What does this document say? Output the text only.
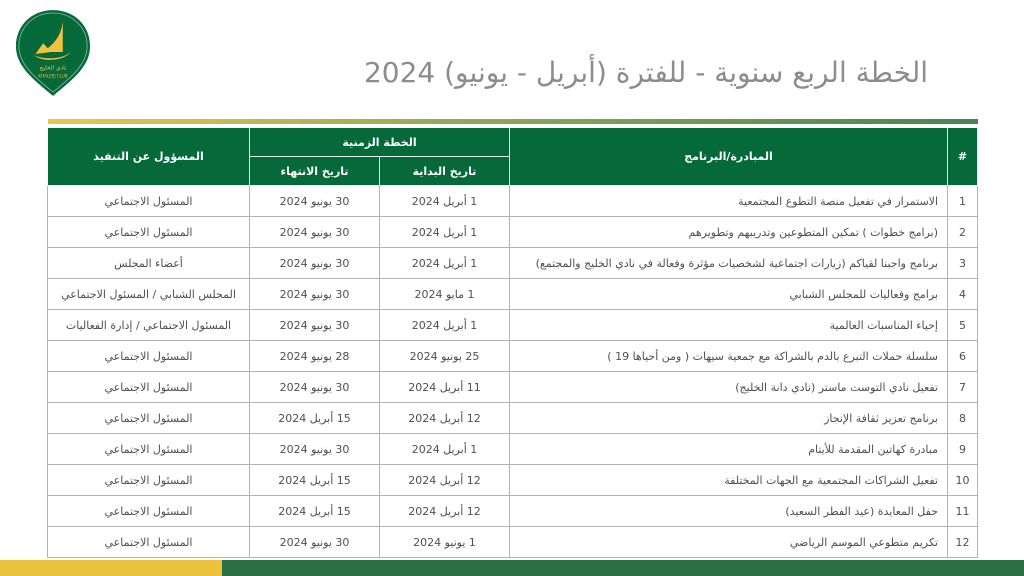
نادي الخليج
KHALEEJ CLUB	الخطة الربع سنوية - للفترة (أبريل - يونيو) 2024
#	المبادرة/البرنامج	الخطة الزمنية		المسؤول عن التنفيذ
		تاريخ البداية	تاريخ الانتهاء	
1	الاستمرار في تفعيل منصة التطوع المجتمعية	1 أبريل 2024	30 يونيو 2024	المسئول الاجتماعي
2	(برامج خطوات ) تمكين المتطوعين وتدريبهم وتطويرهم	1 أبريل 2024	30 يونيو 2024	المسئول الاجتماعي
3	برنامج واجبنا لقياكم (زيارات اجتماعية لشخصيات مؤثرة وفعالة في نادي الخليج والمجتمع)	1 أبريل 2024	30 يونيو 2024	أعضاء المجلس
4	برامج وفعاليات للمجلس الشبابي	1 مايو 2024	30 يونيو 2024	المجلس الشبابي / المسئول الاجتماعي
5	إحياء المناسبات العالمية	1 أبريل 2024	30 يونيو 2024	المسئول الاجتماعي / إدارة الفعاليات
6	سلسلة حملات التبرع بالدم بالشراكة مع جمعية سيهات ( ومن أحياها 19 )	25 يونيو 2024	28 يونيو 2024	المسئول الاجتماعي
7	تفعيل نادي التوست ماستر (نادي دانة الخليج)	11 أبريل 2024	30 يونيو 2024	المسئول الاجتماعي
8	برنامج تعزيز ثقافة الإنجاز	12 أبريل 2024	15 أبريل 2024	المسئول الاجتماعي
9	مبادرة كهاتين المقدمة للأيتام	1 أبريل 2024	30 يونيو 2024	المسئول الاجتماعي
10	تفعيل الشراكات المجتمعية مع الجهات المختلفة	12 أبريل 2024	15 أبريل 2024	المسئول الاجتماعي
11	حفل المعايدة (عيد الفطر السعيد)	12 أبريل 2024	15 أبريل 2024	المسئول الاجتماعي
12	تكريم متطوعي الموسم الرياضي	1 يونيو 2024	30 يونيو 2024	المسئول الاجتماعي
